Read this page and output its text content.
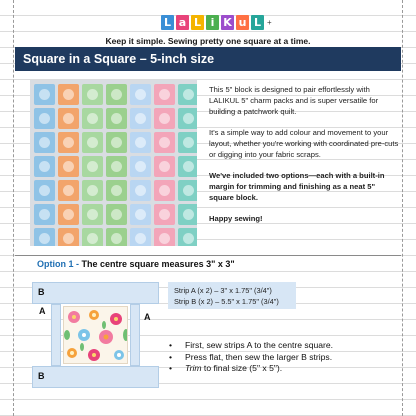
L a L i K u L +
Keep it simple. Sewing pretty one square at a time.
Square in a Square – 5-inch size

This 5" block is designed to pair effortlessly with LALIKUL 5" charm packs and is super versatile for building a patchwork quilt.

It's a simple way to add colour and movement to your layout, whether you're working with coordinated pre-cuts or digging into your fabric scraps.

We've included two options—each with a built-in margin for trimming and finishing as a neat 5" square block.

Happy sewing!

Option 1 - The centre square measures 3" x 3"
B
A
A
B
Strip A (x 2) – 3" x 1.75" (3/4")
Strip B (x 2) – 5.5" x 1.75" (3/4")
• First, sew strips A to the centre square.
• Press flat, then sew the larger B strips.
• Trim to final size (5" x 5").
